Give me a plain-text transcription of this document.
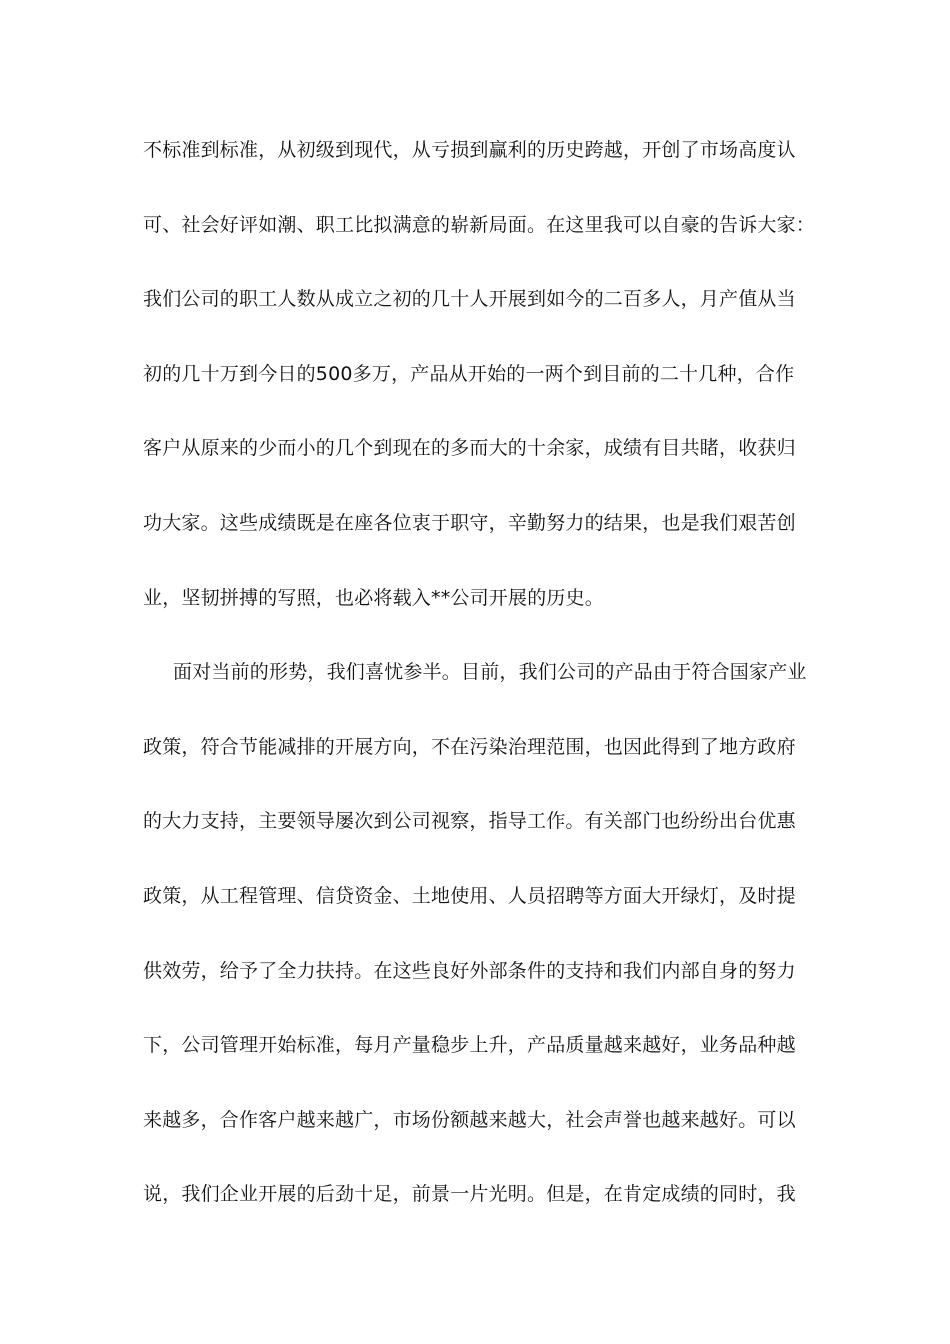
不标准到标准，从初级到现代，从亏损到赢利的历史跨越，开创了市场高度认
可、社会好评如潮、职工比拟满意的崭新局面。在这里我可以自豪的告诉大家：
我们公司的职工人数从成立之初的几十人开展到如今的二百多人，月产值从当
初的几十万到今日的500多万，产品从开始的一两个到目前的二十几种，合作
客户从原来的少而小的几个到现在的多而大的十余家，成绩有目共睹，收获归
功大家。这些成绩既是在座各位衷于职守，辛勤努力的结果，也是我们艰苦创
业，坚韧拼搏的写照，也必将载入**公司开展的历史。
面对当前的形势，我们喜忧参半。目前，我们公司的产品由于符合国家产业
政策，符合节能减排的开展方向，不在污染治理范围，也因此得到了地方政府
的大力支持，主要领导屡次到公司视察，指导工作。有关部门也纷纷出台优惠
政策，从工程管理、信贷资金、土地使用、人员招聘等方面大开绿灯，及时提
供效劳，给予了全力扶持。在这些良好外部条件的支持和我们内部自身的努力
下，公司管理开始标准，每月产量稳步上升，产品质量越来越好，业务品种越
来越多，合作客户越来越广，市场份额越来越大，社会声誉也越来越好。可以
说，我们企业开展的后劲十足，前景一片光明。但是，在肯定成绩的同时，我
